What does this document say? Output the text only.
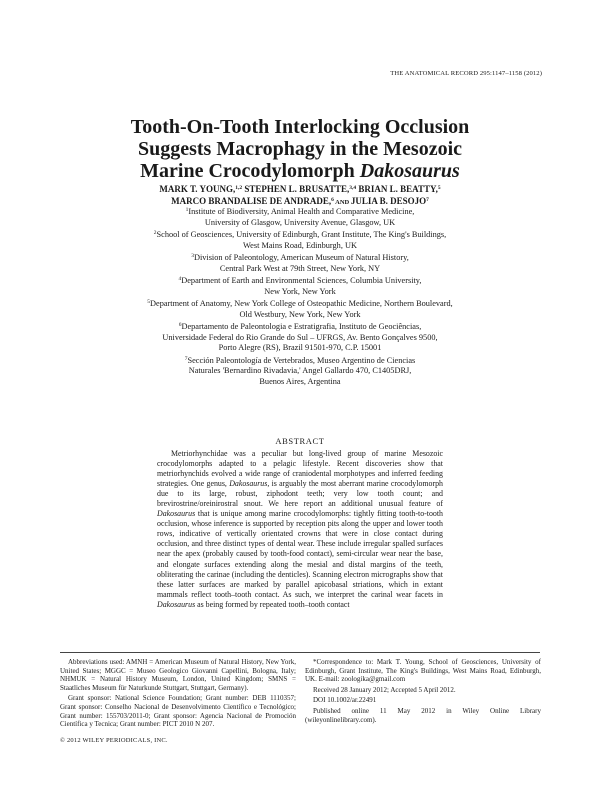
THE ANATOMICAL RECORD 295:1147–1158 (2012)
Tooth-On-Tooth Interlocking Occlusion
Suggests Macrophagy in the Mesozoic
Marine Crocodylomorph Dakosaurus
MARK T. YOUNG,$^{1,2}$ STEPHEN L. BRUSATTE,$^{3,4}$ BRIAN L. BEATTY,$^5$
MARCO BRANDALISE DE ANDRADE,$^6$ AND JULIA B. DESOJO$^7$

$^1$Institute of Biodiversity, Animal Health and Comparative Medicine,
University of Glasgow, University Avenue, Glasgow, UK

$^2$School of Geosciences, University of Edinburgh, Grant Institute, The King's Buildings,
West Mains Road, Edinburgh, UK

$^3$Division of Paleontology, American Museum of Natural History,
Central Park West at 79th Street, New York, NY

$^4$Department of Earth and Environmental Sciences, Columbia University,
New York, New York

$^5$Department of Anatomy, New York College of Osteopathic Medicine, Northern Boulevard,
Old Westbury, New York, New York

$^6$Departamento de Paleontologia e Estratigrafia, Instituto de Geociências,
Universidade Federal do Rio Grande do Sul – UFRGS, Av. Bento Gonçalves 9500,
Porto Alegre (RS), Brazil 91501-970, C.P. 15001

$^7$Sección Paleontología de Vertebrados, Museo Argentino de Ciencias
Naturales 'Bernardino Rivadavia,' Angel Gallardo 470, C1405DRJ,
Buenos Aires, Argentina

ABSTRACT

Metriorhynchidae was a peculiar but long-lived group of marine Mesozoic crocodylomorphs adapted to a pelagic lifestyle. Recent discoveries show that metriorhynchids evolved a wide range of craniodental morphotypes and inferred feeding strategies. One genus, Dakosaurus, is arguably the most aberrant marine crocodylomorph due to its large, robust, ziphodont teeth; very low tooth count; and brevirostrine/oreinirostral snout. We here report an additional unusual feature of Dakosaurus that is unique among marine crocodylomorphs: tightly fitting tooth-to-tooth occlusion, whose inference is supported by reception pits along the upper and lower tooth rows, indicative of vertically orientated crowns that were in close contact during occlusion, and three distinct types of dental wear. These include irregular spalled surfaces near the apex (probably caused by tooth-food contact), semi-circular wear near the base, and elongate surfaces extending along the mesial and distal margins of the teeth, obliterating the carinae (including the denticles). Scanning electron micrographs show that these latter surfaces are marked by parallel apicobasal striations, which in extant mammals reflect tooth–tooth contact. As such, we interpret the carinal wear facets in Dakosaurus as being formed by repeated tooth–tooth contact

Abbreviations used: AMNH = American Museum of Natural History, New York, United States; MGGC = Museo Geologico Giovanni Capellini, Bologna, Italy; NHMUK = Natural History Museum, London, United Kingdom; SMNS = Staatliches Museum für Naturkunde Stuttgart, Stuttgart, Germany).

Grant sponsor: National Science Foundation; Grant number: DEB 1110357; Grant sponsor: Conselho Nacional de Desenvolvimento Científico e Tecnológico; Grant number: 155703/2011-0; Grant sponsor: Agencia Nacional de Promoción Científica y Tecnica; Grant number: PICT 2010 N 207.

*Correspondence to: Mark T. Young, School of Geosciences, University of Edinburgh, Grant Institute, The King's Buildings, West Mains Road, Edinburgh, UK. E-mail: zoologika@gmail.com

Received 28 January 2012; Accepted 5 April 2012.

DOI 10.1002/ar.22491

Published online 11 May 2012 in Wiley Online Library (wileyonlinelibrary.com).

© 2012 WILEY PERIODICALS, INC.
